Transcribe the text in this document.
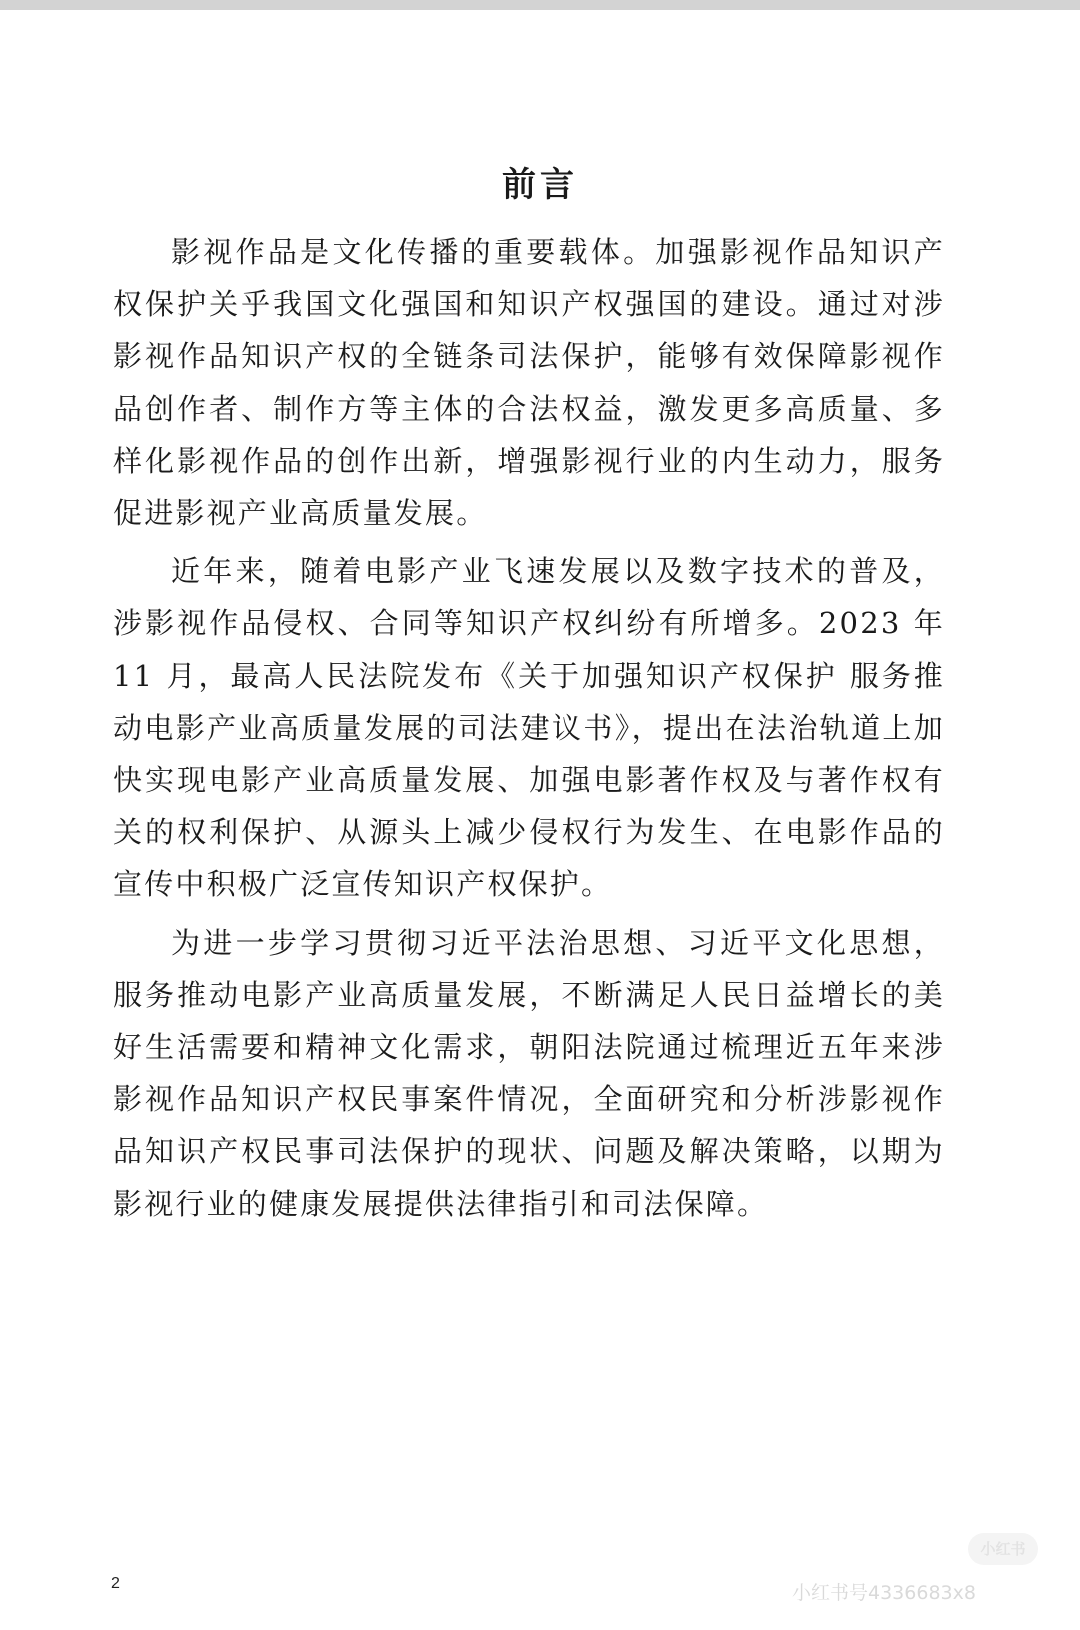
前言

影视作品是文化传播的重要载体。加强影视作品知识产权保护关乎我国文化强国和知识产权强国的建设。通过对涉影视作品知识产权的全链条司法保护，能够有效保障影视作品创作者、制作方等主体的合法权益，激发更多高质量、多样化影视作品的创作出新，增强影视行业的内生动力，服务促进影视产业高质量发展。

近年来，随着电影产业飞速发展以及数字技术的普及，涉影视作品侵权、合同等知识产权纠纷有所增多。2023 年 11 月，最高人民法院发布《关于加强知识产权保护 服务推动电影产业高质量发展的司法建议书》，提出在法治轨道上加快实现电影产业高质量发展、加强电影著作权及与著作权有关的权利保护、从源头上减少侵权行为发生、在电影作品的宣传中积极广泛宣传知识产权保护。

为进一步学习贯彻习近平法治思想、习近平文化思想，服务推动电影产业高质量发展，不断满足人民日益增长的美好生活需要和精神文化需求，朝阳法院通过梳理近五年来涉影视作品知识产权民事案件情况，全面研究和分析涉影视作品知识产权民事司法保护的现状、问题及解决策略，以期为影视行业的健康发展提供法律指引和司法保障。

2
小红书
小红书号4336683x8
